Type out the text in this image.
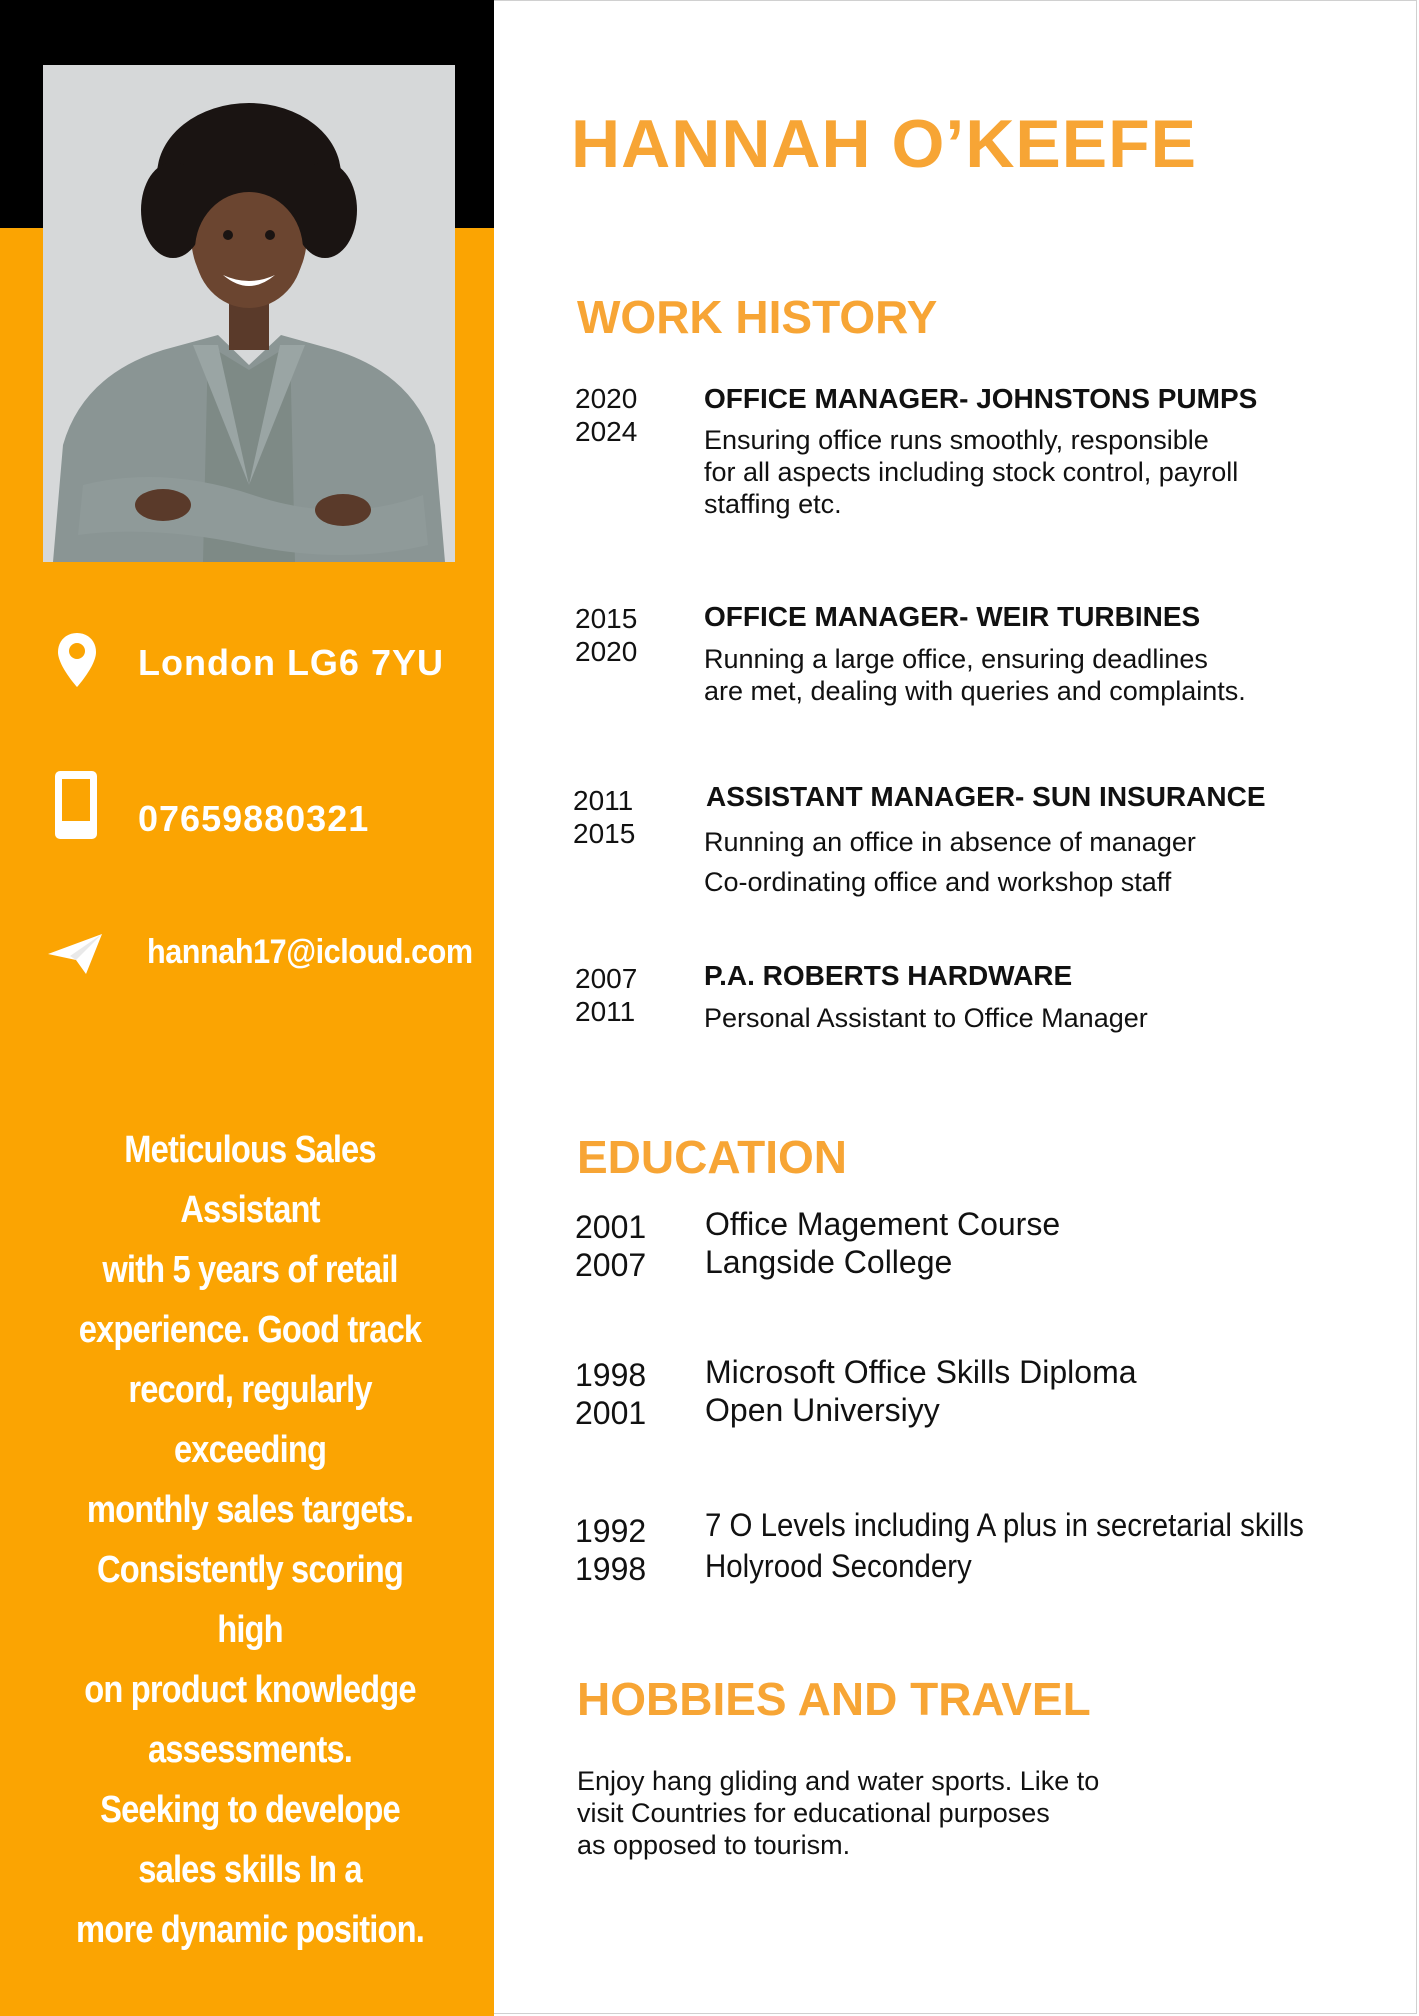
London LG6 7YU
07659880321
hannah17@icloud.com
Meticulous Sales Assistant
with 5 years of retail
experience. Good track
record, regularly exceeding
monthly sales targets.
Consistently scoring high
on product knowledge
assessments.
Seeking to develope
sales skills In a
more dynamic position.
HANNAH O’KEEFE
WORK HISTORY
2020
2024
OFFICE MANAGER- JOHNSTONS PUMPS
Ensuring office runs smoothly, responsible
for all aspects including stock control, payroll
staffing etc.
2015
2020
OFFICE MANAGER- WEIR TURBINES
Running a large office, ensuring deadlines
are met, dealing with queries and complaints.
2011
2015
ASSISTANT MANAGER- SUN INSURANCE
Running an office in absence of manager
Co-ordinating office and workshop staff
2007
2011
P.A. ROBERTS HARDWARE
Personal Assistant to Office Manager
EDUCATION
2001
2007
Office Magement Course
Langside College
1998
2001
Microsoft Office Skills Diploma
Open Universiyy
1992
1998
7 O Levels including A plus in secretarial skills
Holyrood Secondery
HOBBIES AND TRAVEL
Enjoy hang gliding and water sports. Like to
visit Countries for educational purposes
as opposed to tourism.
